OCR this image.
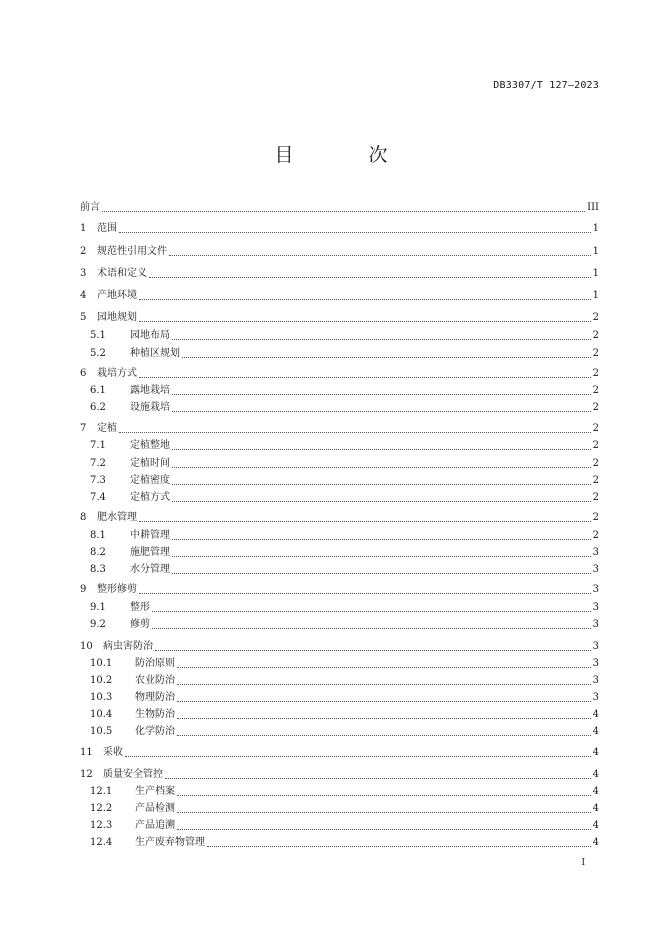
DB3307/T 127—2023
目　次
前言	III
1	范围	1
2	规范性引用文件	1
3	术语和定义	1
4	产地环境	1
5	园地规划	2
5.1	园地布局	2
5.2	种植区规划	2
6	栽培方式	2
6.1	露地栽培	2
6.2	设施栽培	2
7	定植	2
7.1	定植整地	2
7.2	定植时间	2
7.3	定植密度	2
7.4	定植方式	2
8	肥水管理	2
8.1	中耕管理	2
8.2	施肥管理	3
8.3	水分管理	3
9	整形修剪	3
9.1	整形	3
9.2	修剪	3
10	病虫害防治	3
10.1	防治原则	3
10.2	农业防治	3
10.3	物理防治	3
10.4	生物防治	4
10.5	化学防治	4
11	采收	4
12	质量安全管控	4
12.1	生产档案	4
12.2	产品检测	4
12.3	产品追溯	4
12.4	生产废弃物管理	4
I
